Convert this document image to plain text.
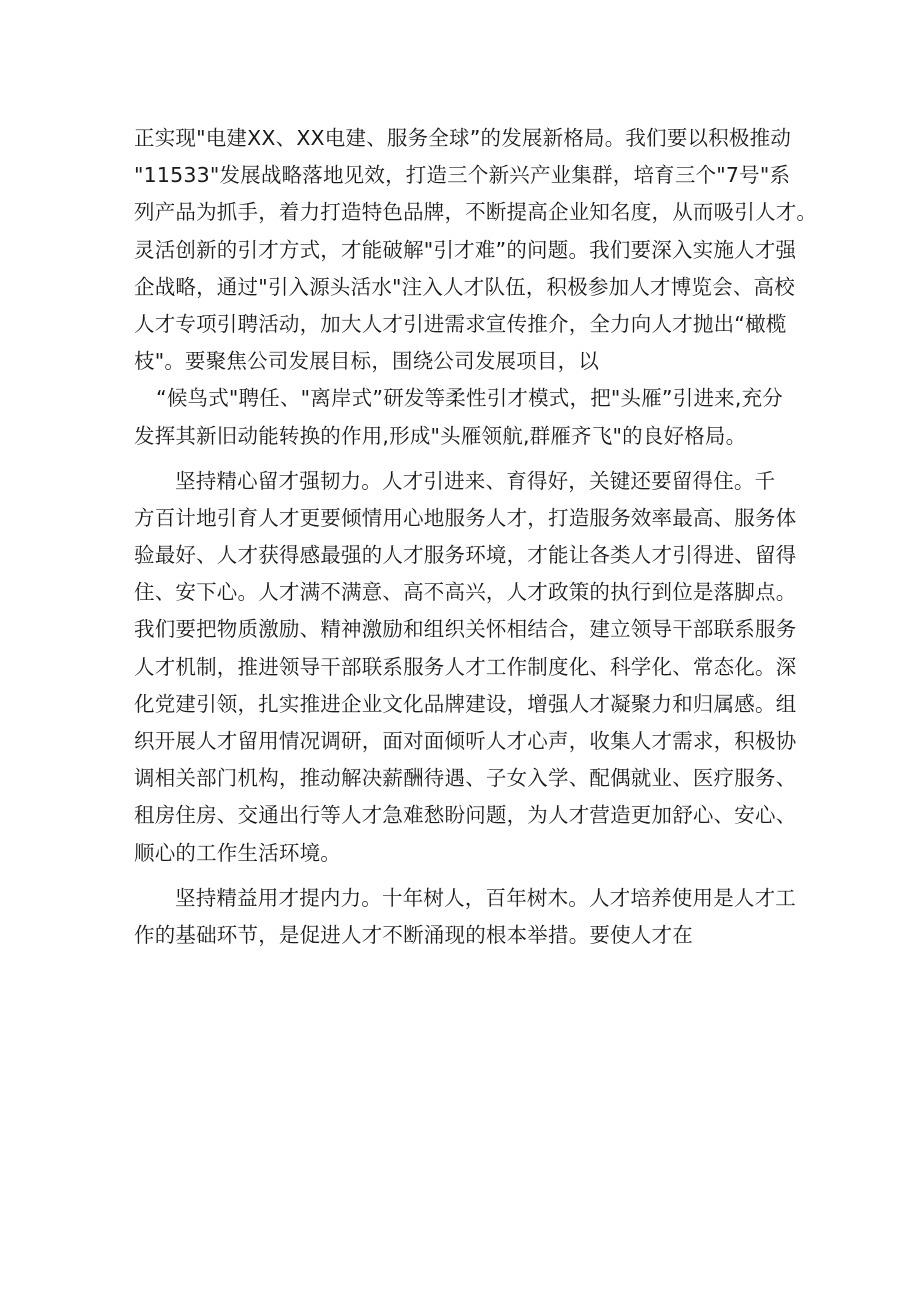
正实现"电建XX、XX电建、服务全球”的发展新格局。我们要以积极推动
"11533"发展战略落地见效，打造三个新兴产业集群，培育三个"7号"系
列产品为抓手，着力打造特色品牌，不断提高企业知名度，从而吸引人才。
灵活创新的引才方式，才能破解"引才难”的问题。我们要深入实施人才强
企战略，通过"引入源头活水"注入人才队伍，积极参加人才博览会、高校
人才专项引聘活动，加大人才引进需求宣传推介，全力向人才抛出“橄榄
枝"。要聚焦公司发展目标，围绕公司发展项目，以
“候鸟式"聘任、"离岸式”研发等柔性引才模式，把"头雁”引进来,充分
发挥其新旧动能转换的作用,形成"头雁领航,群雁齐飞"的良好格局。
坚持精心留才强韧力。人才引进来、育得好，关键还要留得住。千
方百计地引育人才更要倾情用心地服务人才，打造服务效率最高、服务体
验最好、人才获得感最强的人才服务环境，才能让各类人才引得进、留得
住、安下心。人才满不满意、高不高兴，人才政策的执行到位是落脚点。
我们要把物质激励、精神激励和组织关怀相结合，建立领导干部联系服务
人才机制，推进领导干部联系服务人才工作制度化、科学化、常态化。深
化党建引领，扎实推进企业文化品牌建设，增强人才凝聚力和归属感。组
织开展人才留用情况调研，面对面倾听人才心声，收集人才需求，积极协
调相关部门机构，推动解决薪酬待遇、子女入学、配偶就业、医疗服务、
租房住房、交通出行等人才急难愁盼问题，为人才营造更加舒心、安心、
顺心的工作生活环境。
坚持精益用才提内力。十年树人，百年树木。人才培养使用是人才工
作的基础环节，是促进人才不断涌现的根本举措。要使人才在
